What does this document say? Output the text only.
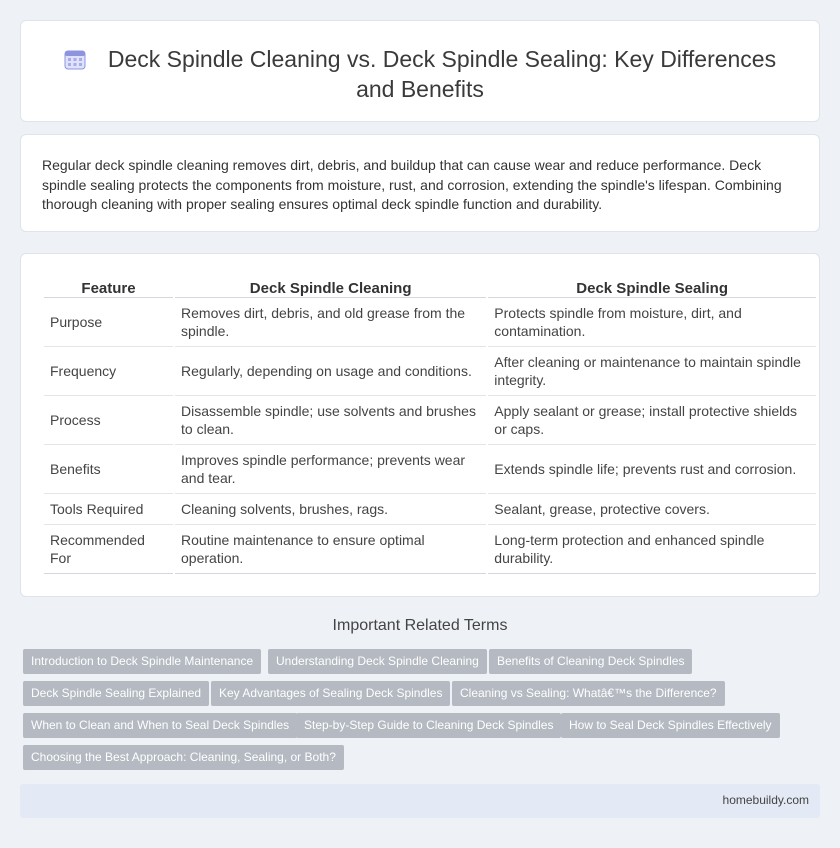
Deck Spindle Cleaning vs. Deck Spindle Sealing: Key Differences and Benefits

Regular deck spindle cleaning removes dirt, debris, and buildup that can cause wear and reduce performance. Deck spindle sealing protects the components from moisture, rust, and corrosion, extending the spindle's lifespan. Combining thorough cleaning with proper sealing ensures optimal deck spindle function and durability.

Feature	Deck Spindle Cleaning	Deck Spindle Sealing
Purpose	Removes dirt, debris, and old grease from the spindle.	Protects spindle from moisture, dirt, and contamination.
Frequency	Regularly, depending on usage and conditions.	After cleaning or maintenance to maintain spindle integrity.
Process	Disassemble spindle; use solvents and brushes to clean.	Apply sealant or grease; install protective shields or caps.
Benefits	Improves spindle performance; prevents wear and tear.	Extends spindle life; prevents rust and corrosion.
Tools Required	Cleaning solvents, brushes, rags.	Sealant, grease, protective covers.
Recommended For	Routine maintenance to ensure optimal operation.	Long-term protection and enhanced spindle durability.
Important Related Terms
Introduction to Deck Spindle Maintenance	Understanding Deck Spindle Cleaning	Benefits of Cleaning Deck Spindles
Deck Spindle Sealing Explained	Key Advantages of Sealing Deck Spindles	Cleaning vs Sealing: Whatâ€™s the Difference?
When to Clean and When to Seal Deck Spindles	Step-by-Step Guide to Cleaning Deck Spindles	How to Seal Deck Spindles Effectively
Choosing the Best Approach: Cleaning, Sealing, or Both?
homebuildy.com
